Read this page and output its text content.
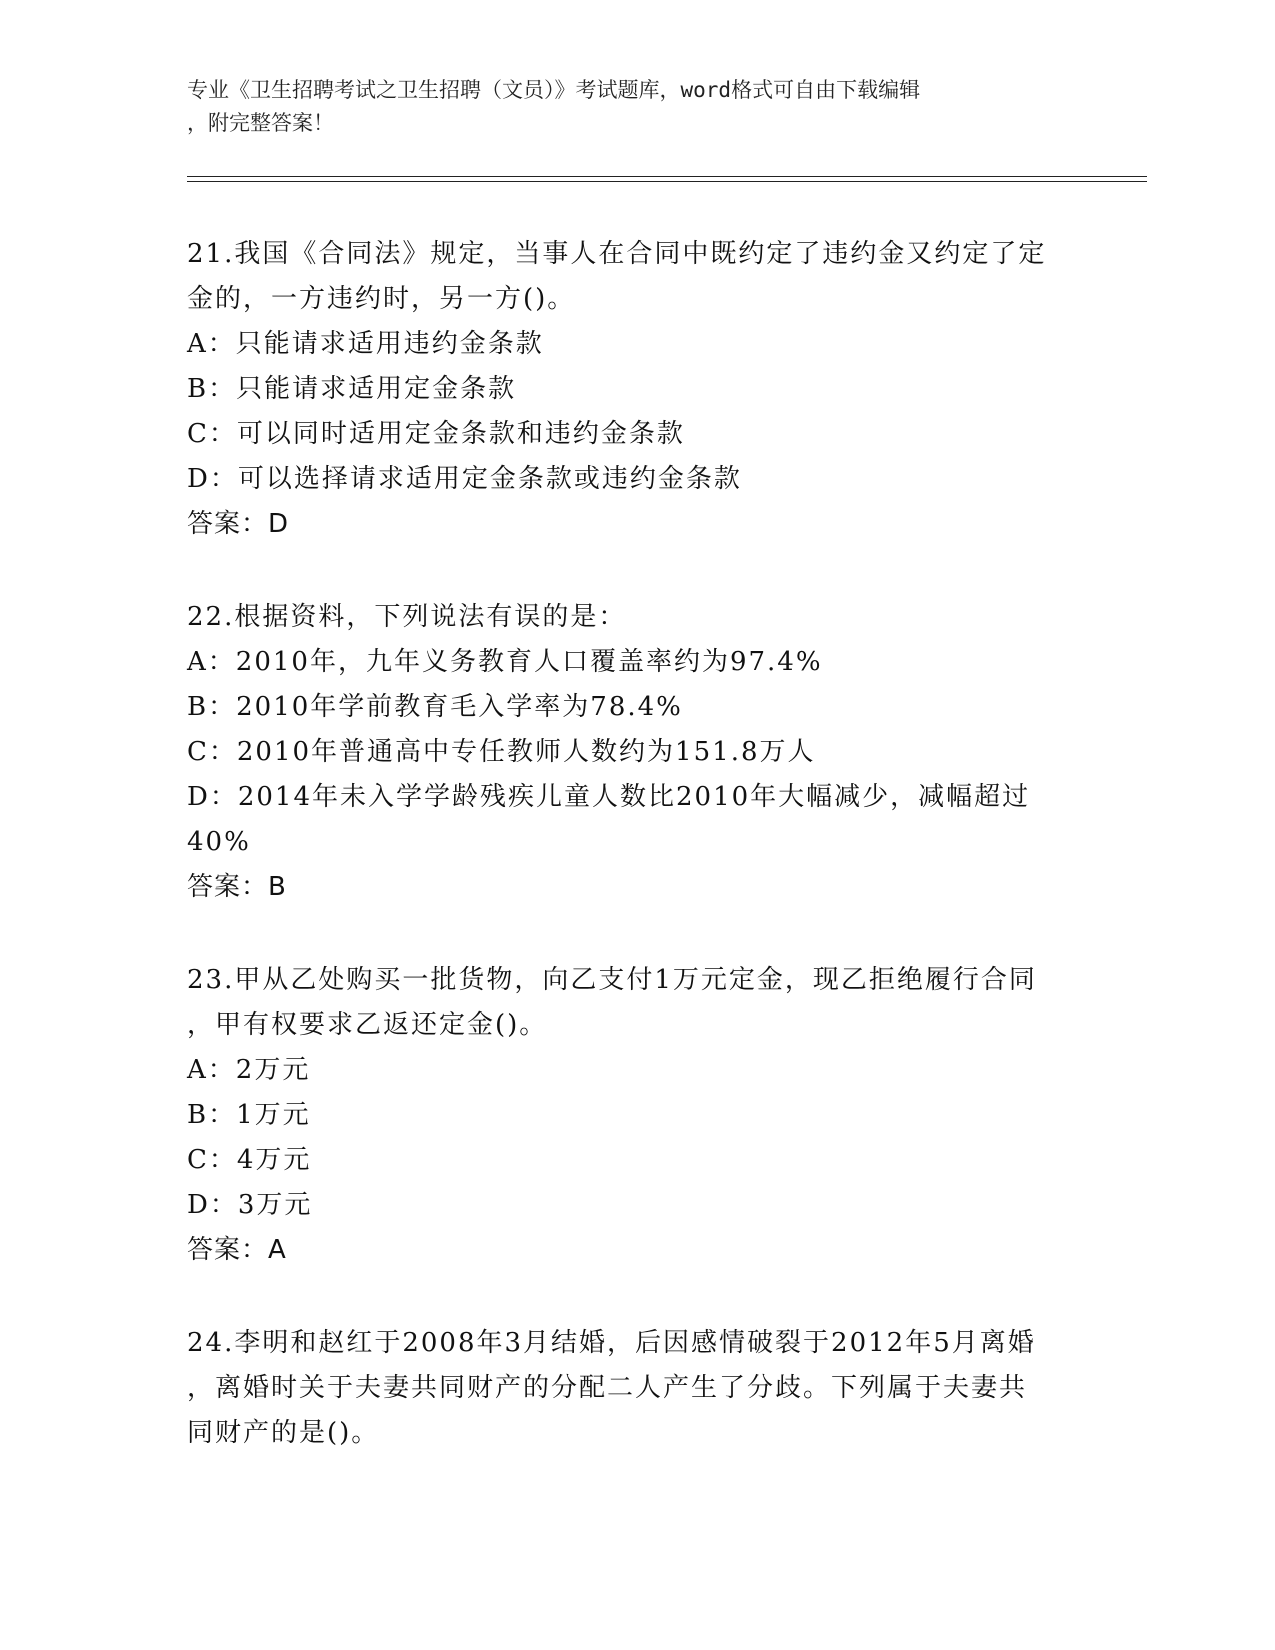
专业《卫生招聘考试之卫生招聘（文员）》考试题库，word格式可自由下载编辑
，附完整答案！
21.我国《合同法》规定，当事人在合同中既约定了违约金又约定了定
金的，一方违约时，另一方()。
A：只能请求适用违约金条款
B：只能请求适用定金条款
C：可以同时适用定金条款和违约金条款
D：可以选择请求适用定金条款或违约金条款
答案：D
22.根据资料，下列说法有误的是：
A：2010年，九年义务教育人口覆盖率约为97.4%
B：2010年学前教育毛入学率为78.4%
C：2010年普通高中专任教师人数约为151.8万人
D：2014年未入学学龄残疾儿童人数比2010年大幅减少，减幅超过
40%
答案：B
23.甲从乙处购买一批货物，向乙支付1万元定金，现乙拒绝履行合同
，甲有权要求乙返还定金()。
A：2万元
B：1万元
C：4万元
D：3万元
答案：A
24.李明和赵红于2008年3月结婚，后因感情破裂于2012年5月离婚
，离婚时关于夫妻共同财产的分配二人产生了分歧。下列属于夫妻共
同财产的是()。
